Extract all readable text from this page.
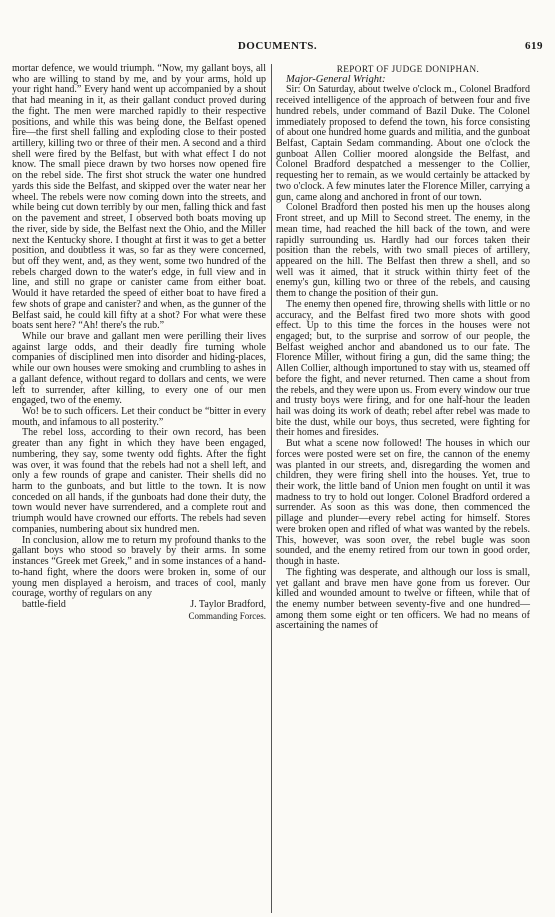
DOCUMENTS.	619

mortar defence, we would triumph. “Now, my gallant boys, all who are willing to stand by me, and by your arms, hold up your right hand.” Every hand went up accompanied by a shout that had meaning in it, as their gallant conduct proved during the fight. The men were marched rapidly to their respective positions, and while this was being done, the Belfast opened fire—the first shell falling and exploding close to their posted artillery, killing two or three of their men. A second and a third shell were fired by the Belfast, but with what effect I do not know. The small piece drawn by two horses now opened fire on the rebel side. The first shot struck the water one hundred yards this side the Belfast, and skipped over the water near her wheel. The rebels were now coming down into the streets, and while being cut down terribly by our men, falling thick and fast on the pavement and street, I observed both boats moving up the river, side by side, the Belfast next the Ohio, and the Miller next the Kentucky shore. I thought at first it was to get a better position, and doubtless it was, so far as they were concerned, but off they went, and, as they went, some two hundred of the rebels charged down to the water's edge, in full view and in line, and still no grape or canister came from either boat. Would it have retarded the speed of either boat to have fired a few shots of grape and canister? and when, as the gunner of the Belfast said, he could kill fifty at a shot? For what were these boats sent here? “Ah! there's the rub.”

While our brave and gallant men were perilling their lives against large odds, and their deadly fire turning whole companies of disciplined men into disorder and hiding-places, while our own houses were smoking and crumbling to ashes in a gallant defence, without regard to dollars and cents, we were left to surrender, after killing, to every one of our men engaged, two of the enemy.

Wo! be to such officers. Let their conduct be “bitter in every mouth, and infamous to all posterity.”

The rebel loss, according to their own record, has been greater than any fight in which they have been engaged, numbering, they say, some twenty odd fights. After the fight was over, it was found that the rebels had not a shell left, and only a few rounds of grape and canister. Their shells did no harm to the gunboats, and but little to the town. It is now conceded on all hands, if the gunboats had done their duty, the town would never have surrendered, and a complete rout and triumph would have crowned our efforts. The rebels had seven companies, numbering about six hundred men.

In conclusion, allow me to return my profound thanks to the gallant boys who stood so bravely by their arms. In some instances “Greek met Greek,” and in some instances of a hand-to-hand fight, where the doors were broken in, some of our young men displayed a heroism, and traces of cool, manly courage, worthy of regulars on any

battle-field	J. Taylor Bradford,

Commanding Forces.

REPORT OF JUDGE DONIPHAN.

Major-General Wright:

Sir: On Saturday, about twelve o'clock m., Colonel Bradford received intelligence of the approach of between four and five hundred rebels, under command of Bazil Duke. The Colonel immediately proposed to defend the town, his force consisting of about one hundred home guards and militia, and the gunboat Belfast, Captain Sedam commanding. About one o'clock the gunboat Allen Collier moored alongside the Belfast, and Colonel Bradford despatched a messenger to the Collier, requesting her to remain, as we would certainly be attacked by two o'clock. A few minutes later the Florence Miller, carrying a gun, came along and anchored in front of our town.

Colonel Bradford then posted his men up the houses along Front street, and up Mill to Second street. The enemy, in the mean time, had reached the hill back of the town, and were rapidly surrounding us. Hardly had our forces taken their position than the rebels, with two small pieces of artillery, appeared on the hill. The Belfast then threw a shell, and so well was it aimed, that it struck within thirty feet of the enemy's gun, killing two or three of the rebels, and causing them to change the position of their gun.

The enemy then opened fire, throwing shells with little or no accuracy, and the Belfast fired two more shots with good effect. Up to this time the forces in the houses were not engaged; but, to the surprise and sorrow of our people, the Belfast weighed anchor and abandoned us to our fate. The Florence Miller, without firing a gun, did the same thing; the Allen Collier, although importuned to stay with us, steamed off before the fight, and never returned. Then came a shout from the rebels, and they were upon us. From every window our true and trusty boys were firing, and for one half-hour the leaden hail was doing its work of death; rebel after rebel was made to bite the dust, while our boys, thus secreted, were fighting for their homes and firesides.

But what a scene now followed! The houses in which our forces were posted were set on fire, the cannon of the enemy was planted in our streets, and, disregarding the women and children, they were firing shell into the houses. Yet, true to their work, the little band of Union men fought on until it was madness to try to hold out longer. Colonel Bradford ordered a surrender. As soon as this was done, then commenced the pillage and plunder—every rebel acting for himself. Stores were broken open and rifled of what was wanted by the rebels. This, however, was soon over, the rebel bugle was soon sounded, and the enemy retired from our town in good order, though in haste.

The fighting was desperate, and although our loss is small, yet gallant and brave men have gone from us forever. Our killed and wounded amount to twelve or fifteen, while that of the enemy number between seventy-five and one hundred—among them some eight or ten officers. We had no means of ascertaining the names of
